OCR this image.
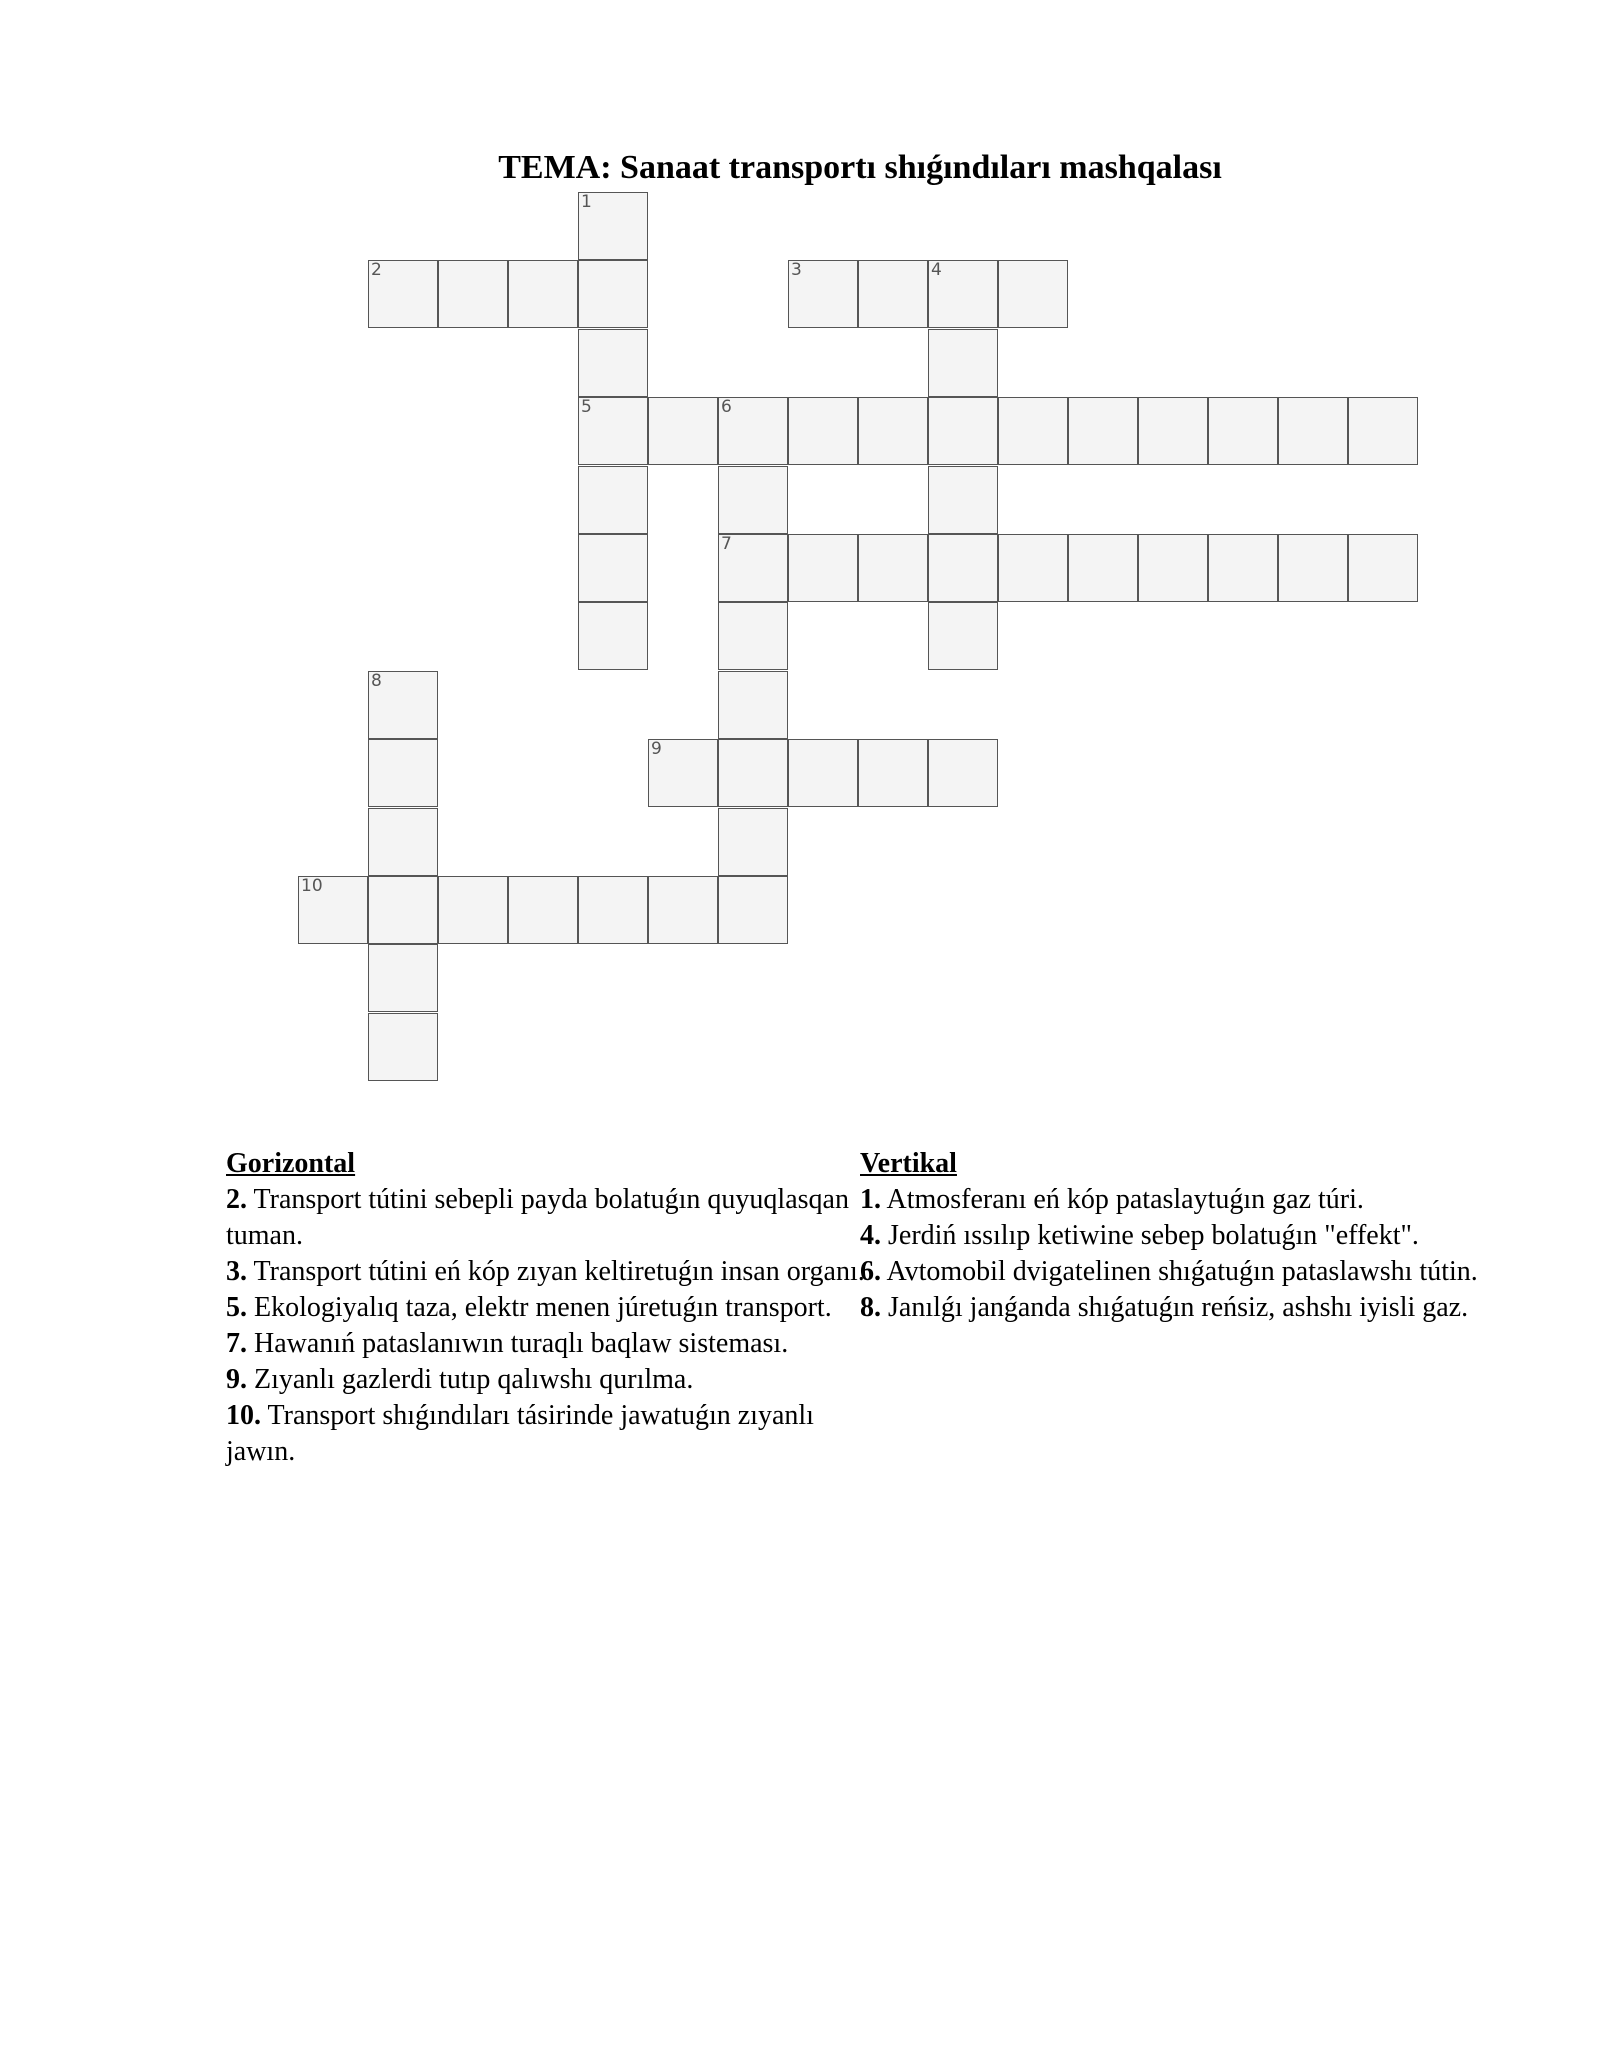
TEMA: Sanaat transportı shıǵındıları mashqalası
2	3	4
5	6
7
9
10
1
8
Gorizontal
2. Transport tútini sebepli payda bolatuǵın quyuqlasqan tuman.
3. Transport tútini eń kóp zıyan keltiretuǵın insan organı.
5. Ekologiyalıq taza, elektr menen júretuǵın transport.
7. Hawanıń pataslanıwın turaqlı baqlaw sisteması.
9. Zıyanlı gazlerdi tutıp qalıwshı qurılma.
10. Transport shıǵındıları tásirinde jawatuǵın zıyanlı jawın.
Vertikal
1. Atmosferanı eń kóp pataslaytuǵın gaz túri.
4. Jerdiń ıssılıp ketiwine sebep bolatuǵın "effekt".
6. Avtomobil dvigatelinen shıǵatuǵın pataslawshı tútin.
8. Janılǵı janǵanda shıǵatuǵın reńsiz, ashshı iyisli gaz.
